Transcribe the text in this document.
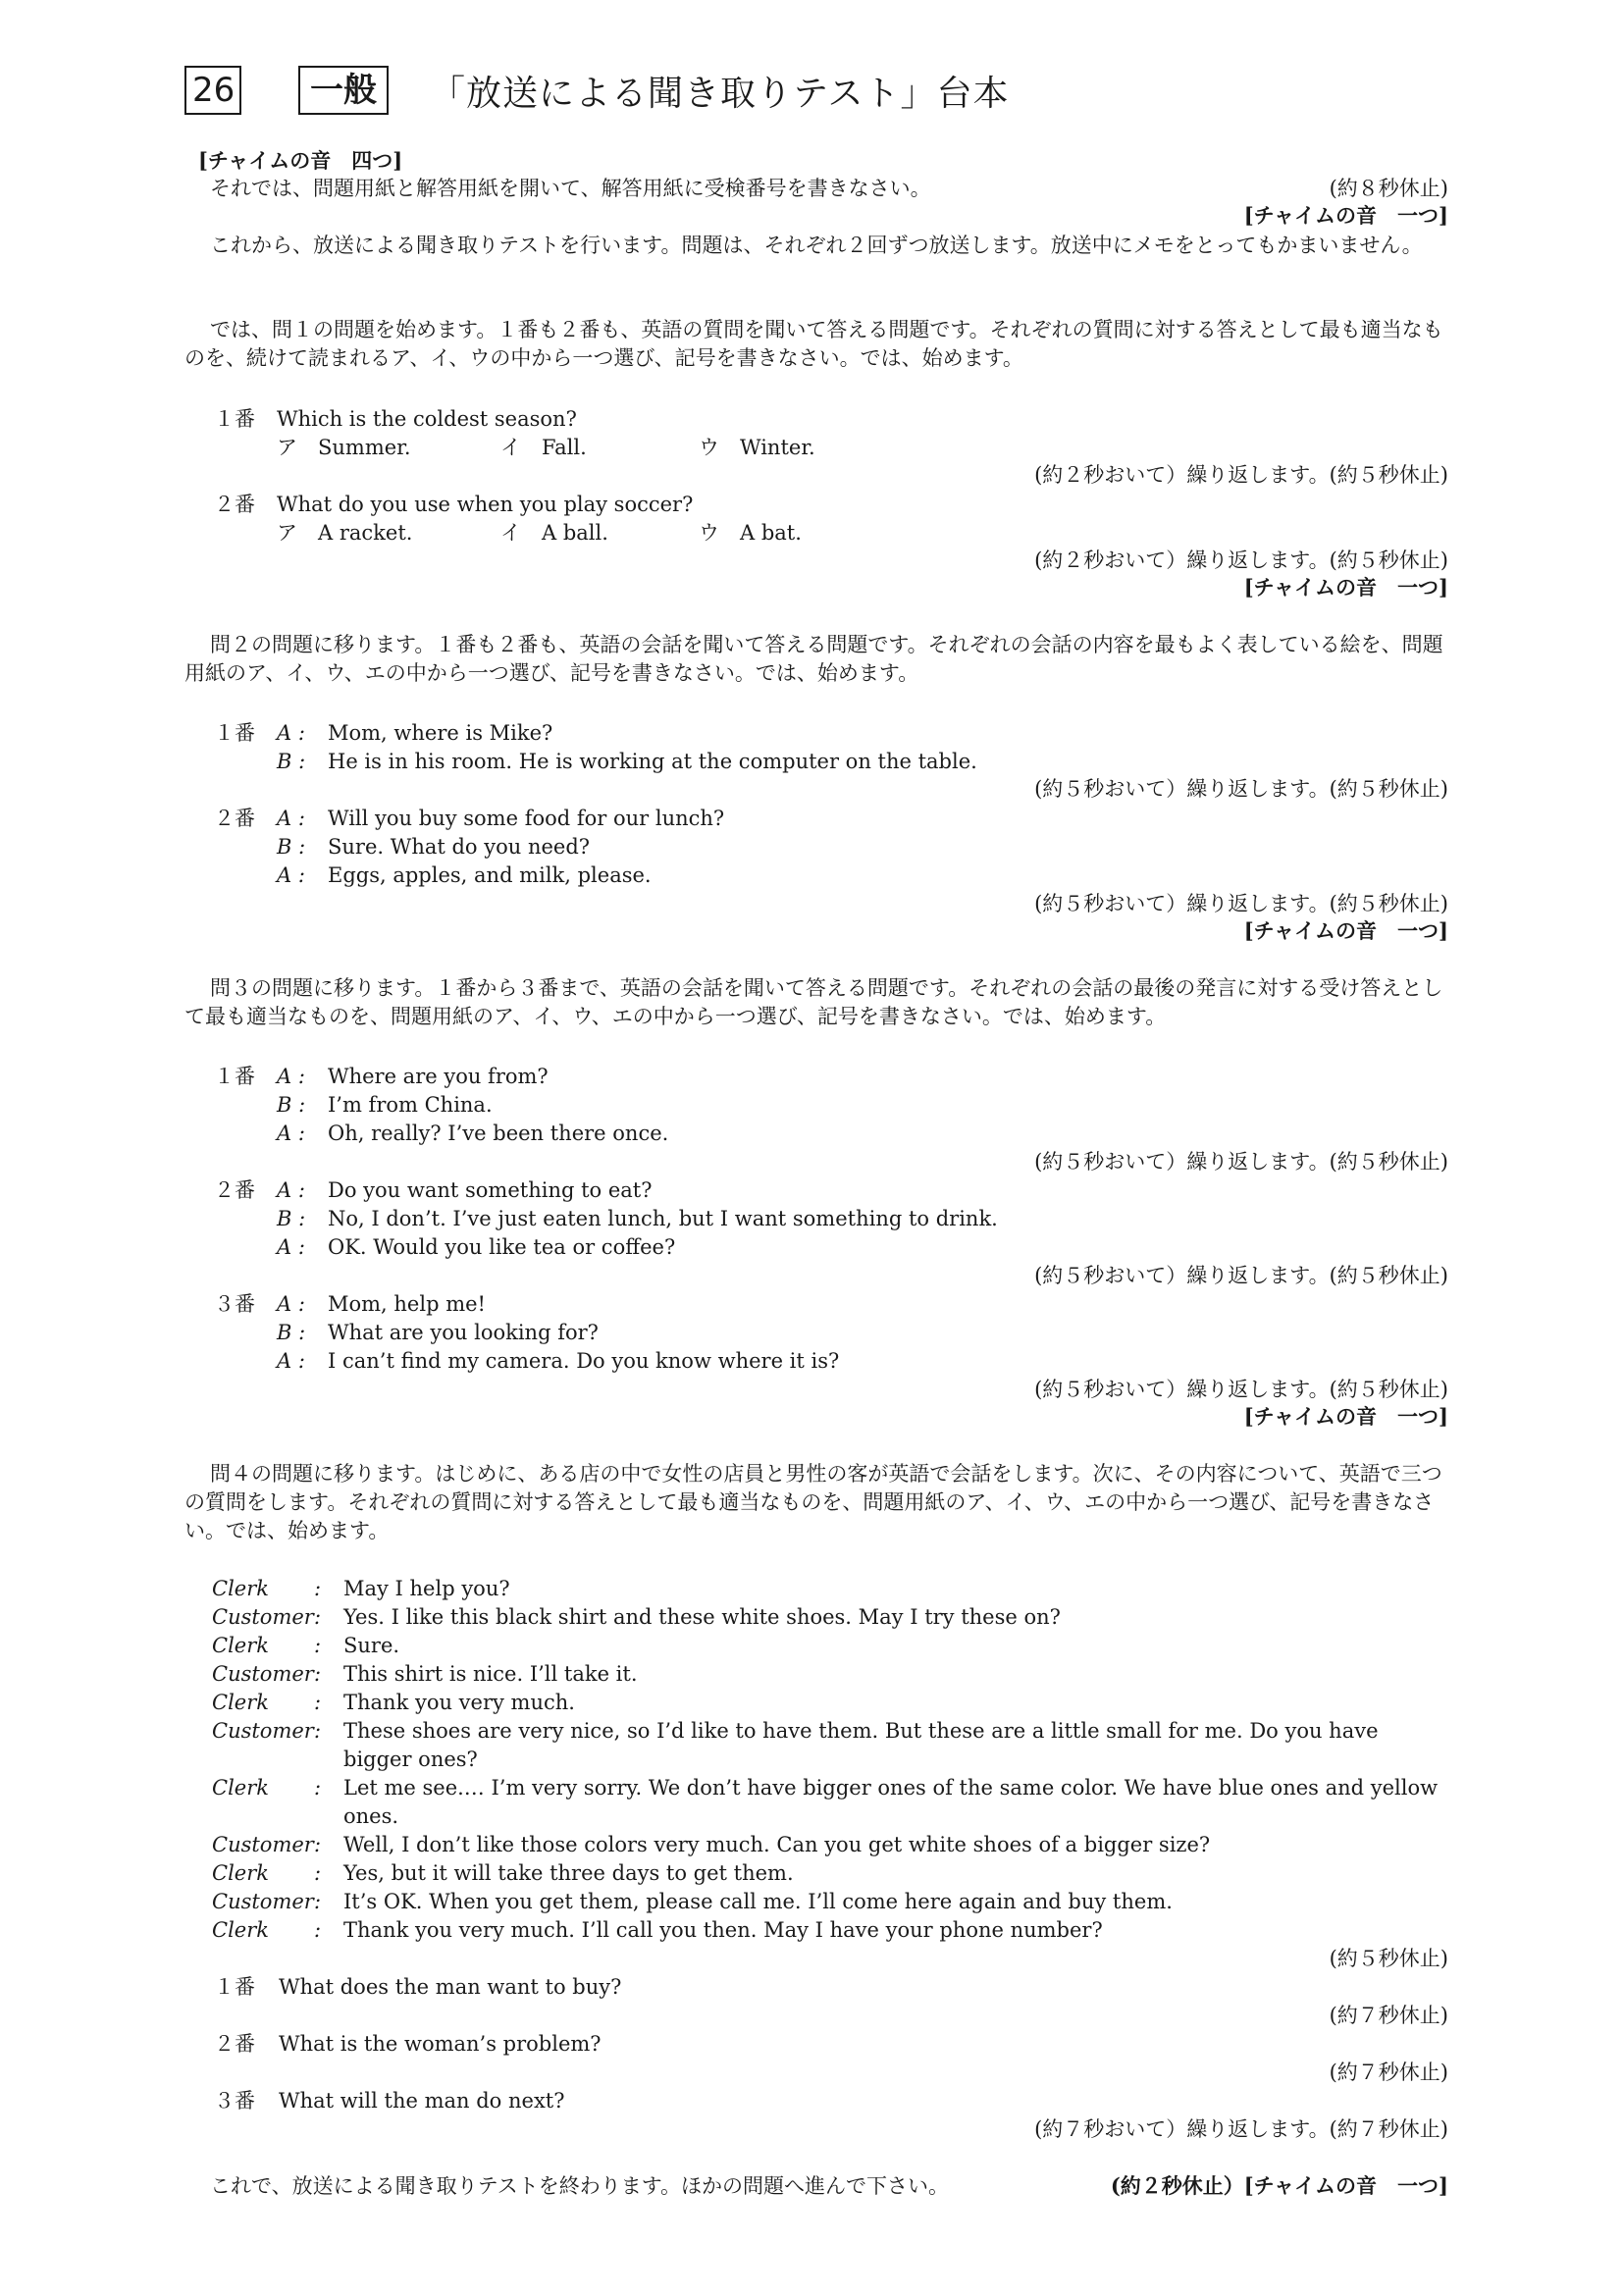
26	一般	「放送による聞き取りテスト」台本
[チャイムの音　四つ]
それでは、問題用紙と解答用紙を開いて、解答用紙に受検番号を書きなさい。	(約８秒休止)
[チャイムの音　一つ]
これから、放送による聞き取りテストを行います。問題は、それぞれ２回ずつ放送します。放送中にメモをとってもかまいません。
では、問１の問題を始めます。１番も２番も、英語の質問を聞いて答える問題です。それぞれの質問に対する答えとして最も適当なものを、続けて読まれるア、イ、ウの中から一つ選び、記号を書きなさい。では、始めます。
１番 Which is the coldest season?
ア　Summer.	イ　Fall.	ウ　Winter.
(約２秒おいて）繰り返します。(約５秒休止)
２番 What do you use when you play soccer?
ア　A racket.	イ　A ball.	ウ　A bat.
(約２秒おいて）繰り返します。(約５秒休止)
[チャイムの音　一つ]
問２の問題に移ります。１番も２番も、英語の会話を聞いて答える問題です。それぞれの会話の内容を最もよく表している絵を、問題用紙のア、イ、ウ、エの中から一つ選び、記号を書きなさい。では、始めます。
１番 A : Mom, where is Mike?
B : He is in his room. He is working at the computer on the table.
(約５秒おいて）繰り返します。(約５秒休止)
２番 A : Will you buy some food for our lunch?
B : Sure. What do you need?
A : Eggs, apples, and milk, please.
(約５秒おいて）繰り返します。(約５秒休止)
[チャイムの音　一つ]
問３の問題に移ります。１番から３番まで、英語の会話を聞いて答える問題です。それぞれの会話の最後の発言に対する受け答えとして最も適当なものを、問題用紙のア、イ、ウ、エの中から一つ選び、記号を書きなさい。では、始めます。
１番 A : Where are you from?
B : I’m from China.
A : Oh, really? I’ve been there once.
(約５秒おいて）繰り返します。(約５秒休止)
２番 A : Do you want something to eat?
B : No, I don’t. I’ve just eaten lunch, but I want something to drink.
A : OK. Would you like tea or coffee?
(約５秒おいて）繰り返します。(約５秒休止)
３番 A : Mom, help me!
B : What are you looking for?
A : I can’t find my camera. Do you know where it is?
(約５秒おいて）繰り返します。(約５秒休止)
[チャイムの音　一つ]
問４の問題に移ります。はじめに、ある店の中で女性の店員と男性の客が英語で会話をします。次に、その内容について、英語で三つの質問をします。それぞれの質問に対する答えとして最も適当なものを、問題用紙のア、イ、ウ、エの中から一つ選び、記号を書きなさい。では、始めます。
Clerk : May I help you?
Customer : Yes. I like this black shirt and these white shoes. May I try these on?
Clerk : Sure.
Customer : This shirt is nice. I’ll take it.
Clerk : Thank you very much.
Customer : These shoes are very nice, so I’d like to have them. But these are a little small for me. Do you have bigger ones?
Clerk : Let me see.… I’m very sorry. We don’t have bigger ones of the same color. We have blue ones and yellow ones.
Customer : Well, I don’t like those colors very much. Can you get white shoes of a bigger size?
Clerk : Yes, but it will take three days to get them.
Customer : It’s OK. When you get them, please call me. I’ll come here again and buy them.
Clerk : Thank you very much. I’ll call you then. May I have your phone number?
(約５秒休止)
１番 What does the man want to buy?
(約７秒休止)
２番 What is the woman’s problem?
(約７秒休止)
３番 What will the man do next?
(約７秒おいて）繰り返します。(約７秒休止)
これで、放送による聞き取りテストを終わります。ほかの問題へ進んで下さい。	(約２秒休止）[チャイムの音　一つ]
